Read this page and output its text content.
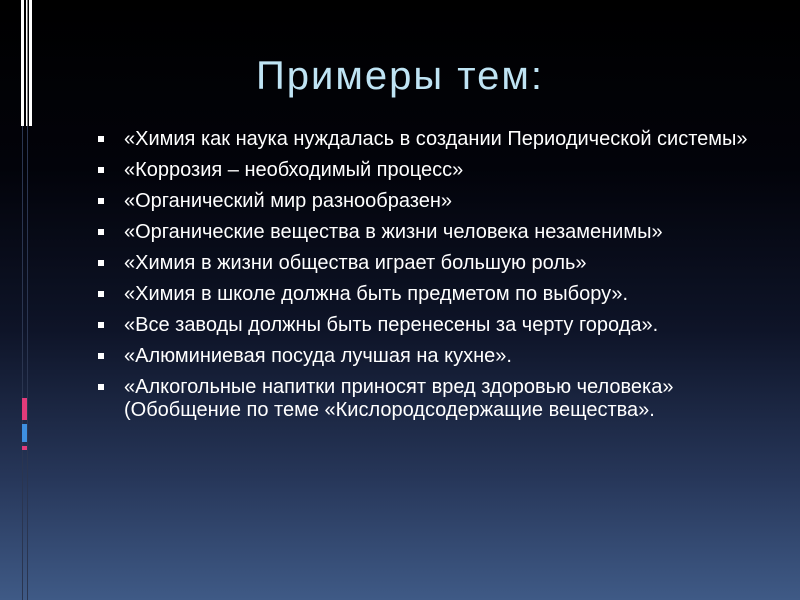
Примеры тем:
«Химия как наука нуждалась в создании Периодической системы»
«Коррозия – необходимый процесс»
«Органический мир разнообразен»
«Органические вещества в жизни человека незаменимы»
«Химия в жизни общества играет большую роль»
«Химия в школе должна быть предметом по выбору».
«Все заводы должны быть перенесены за черту города».
«Алюминиевая посуда лучшая на кухне».
«Алкогольные напитки приносят вред здоровью человека» (Обобщение по теме «Кислородсодержащие вещества».
